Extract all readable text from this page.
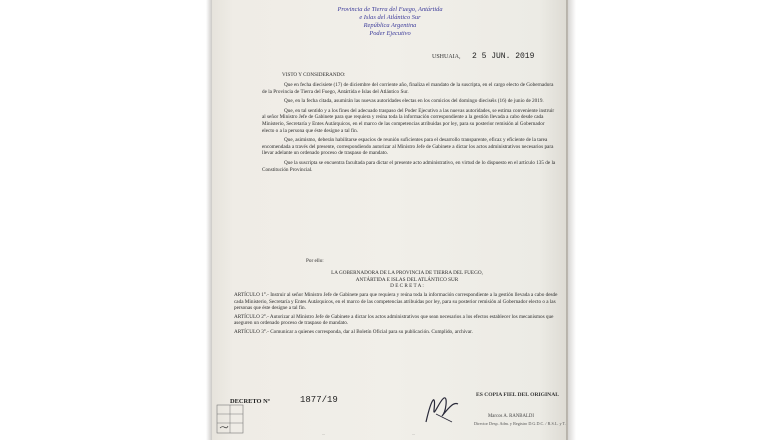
Provincia de Tierra del Fuego, Antártida
e Islas del Atlántico Sur
República Argentina
Poder Ejecutivo
USHUAIA, 2 5 JUN. 2019

VISTO Y CONSIDERANDO:

Que en fecha diecisiete (17) de diciembre del corriente año, finaliza el mandato de la suscripta, en el cargo electo de Gobernadora de la Provincia de Tierra del Fuego, Antártida e Islas del Atlántico Sur.

Que, en la fecha citada, asumirán las nuevas autoridades electas en los comicios del domingo dieciséis (16) de junio de 2019.

Que, en tal sentido y a los fines del adecuado traspaso del Poder Ejecutivo a las nuevas autoridades, se estima conveniente instruir al señor Ministro Jefe de Gabinete para que requiera y reúna toda la información correspondiente a la gestión llevada a cabo desde cada Ministerio, Secretaría y Entes Autárquicos, en el marco de las competencias atribuidas por ley, para su posterior remisión al Gobernador electo o a la persona que éste designe a tal fin.

Que, asimismo, deberán habilitarse espacios de reunión suficientes para el desarrollo transparente, eficaz y eficiente de la tarea encomendada a través del presente, correspondiendo autorizar al Ministro Jefe de Gabinete a dictar los actos administrativos necesarios para llevar adelante un ordenado proceso de traspaso de mandato.

Que la suscripta se encuentra facultada para dictar el presente acto administrativo, en virtud de lo dispuesto en el artículo 135 de la Constitución Provincial.

Por ello:

LA GOBERNADORA DE LA PROVINCIA DE TIERRA DEL FUEGO,

ANTÁRTIDA E ISLAS DEL ATLÁNTICO SUR

D E C R E T A :

ARTÍCULO 1°.- Instruir al señor Ministro Jefe de Gabinete para que requiera y reúna toda la información correspondiente a la gestión llevada a cabo desde cada Ministerio, Secretaría y Entes Autárquicos, en el marco de las competencias atribuidas por ley, para su posterior remisión al Gobernador electo o a las personas que éste designe a tal fin.

ARTÍCULO 2°.- Autorizar al Ministro Jefe de Gabinete a dictar los actos administrativos que sean necesarios a los efectos establecer los mecanismos que aseguren un ordenado proceso de traspaso de mandato.

ARTÍCULO 3°.- Comunicar a quienes corresponda, dar al Boletín Oficial para su publicación. Cumplido, archivar.

DECRETO Nº	1877/19	ES COPIA FIEL DEL ORIGINAL
Marcos A. RANBALDI
Director Desp. Adm. y Registro D.G.D.C. / R.S.L. y T.
...	...
